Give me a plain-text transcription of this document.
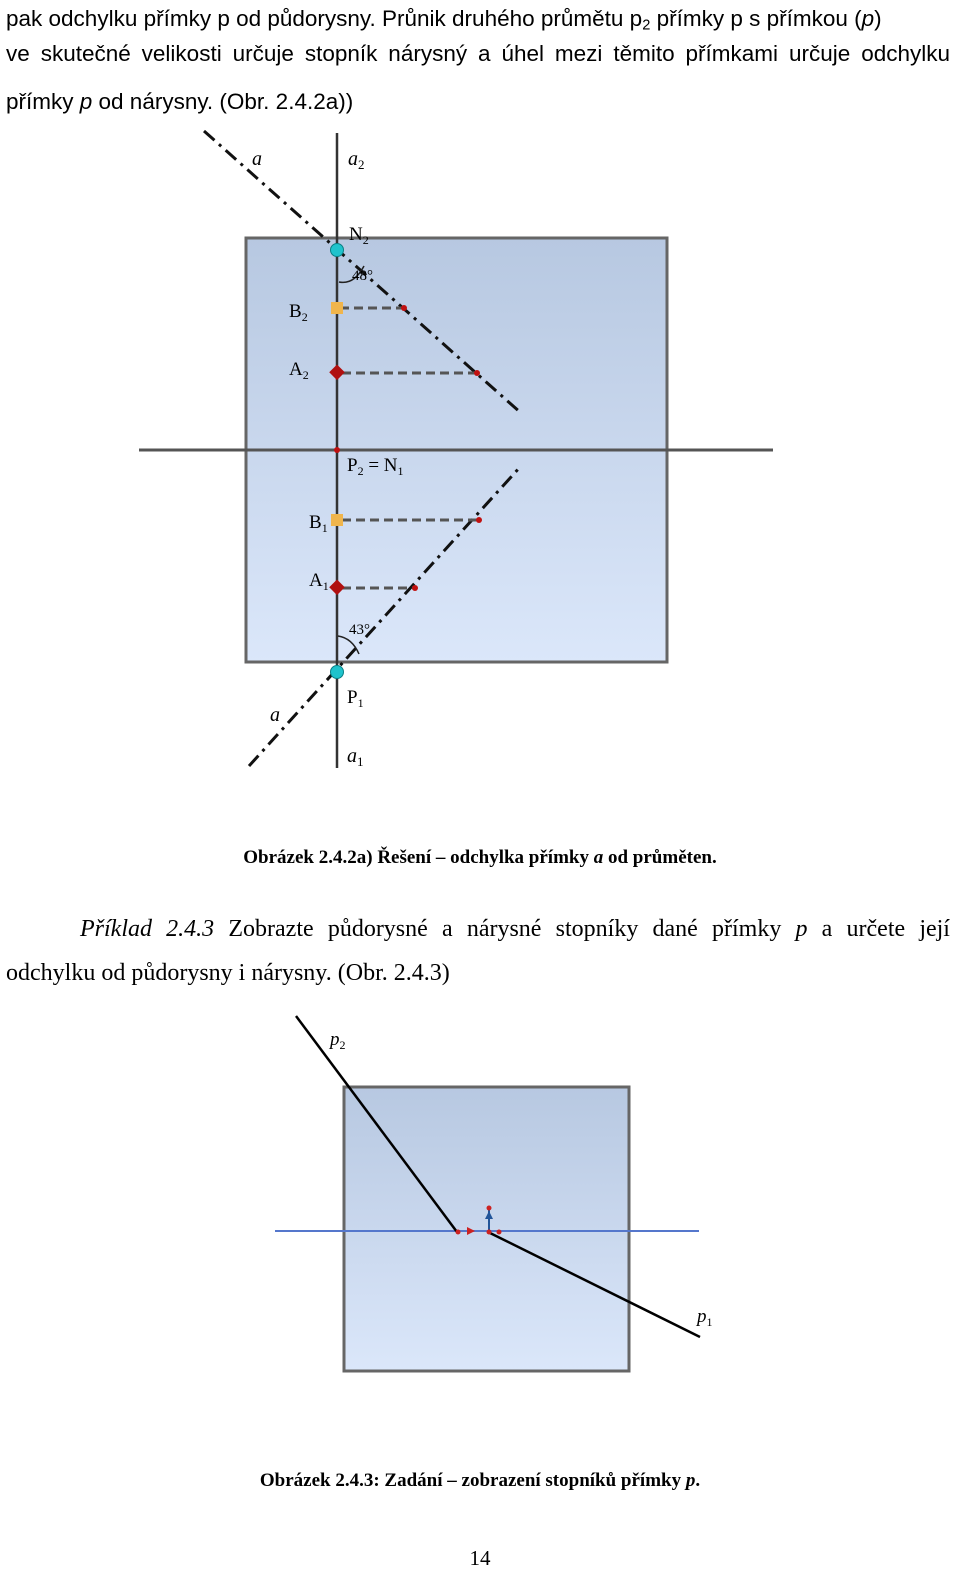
pak odchylku přímky p od půdorysny. Průnik druhého průmětu $p_2$ přímky p s přímkou (p)
ve skutečné velikosti určuje stopník nárysný a úhel mezi těmito přímkami určuje odchylku
přímky p od nárysny. (Obr. 2.4.2a))
a	$a_2$
$N_2$
48°
$B_2$
$A_2$
$P_2 = N_1$
$B_1$
$A_1$
43°
$P_1$
a
$a_1$
Obrázek 2.4.2a) Řešení – odchylka přímky a od průměten.
Příklad 2.4.3 Zobrazte půdorysné a nárysné stopníky dané přímky p a určete její
odchylku od půdorysny i nárysny. (Obr. 2.4.3)
$p_2$
$p_1$
Obrázek 2.4.3: Zadání – zobrazení stopníků přímky p.
14
